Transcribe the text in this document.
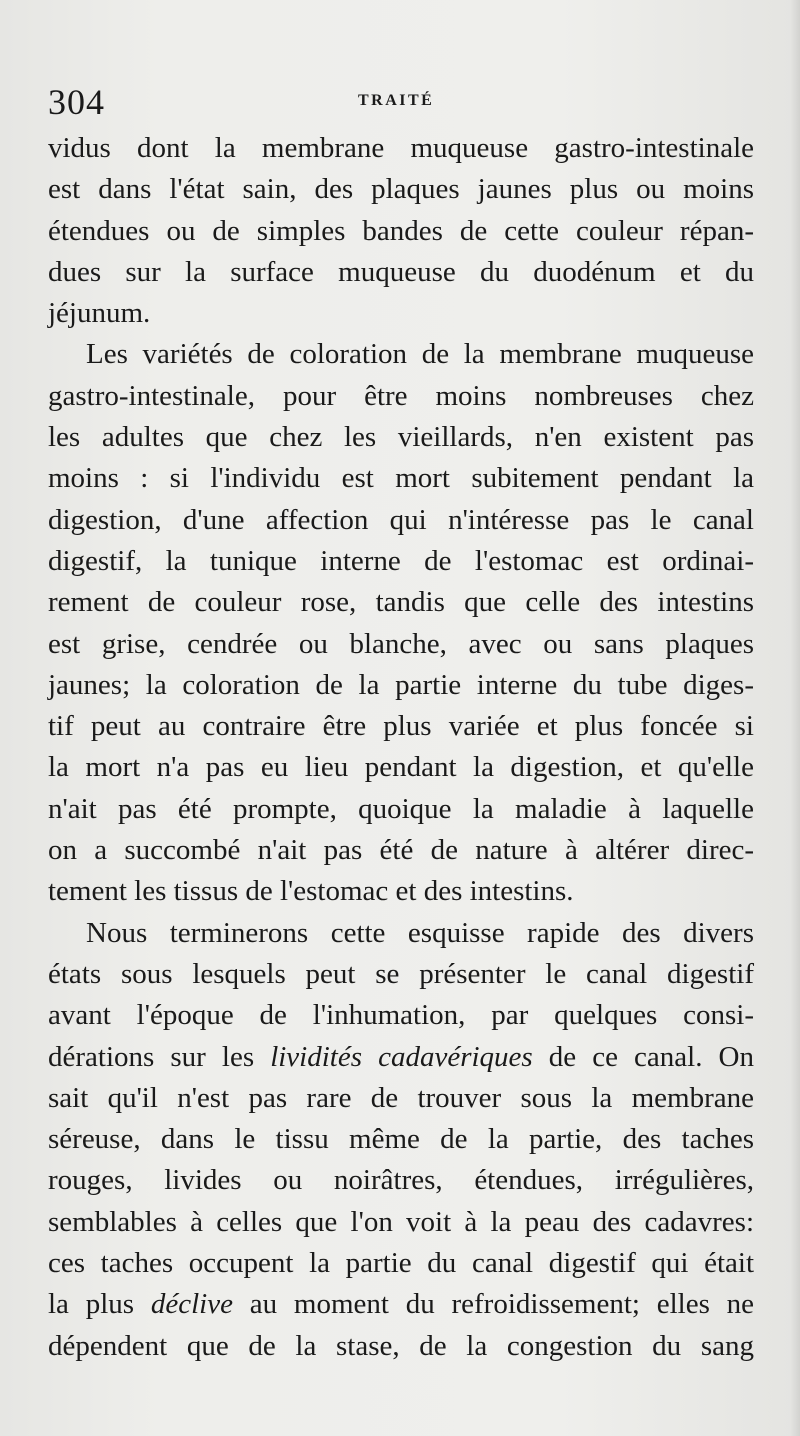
304	TRAITÉ
vidus dont la membrane muqueuse gastro-intestinale
est dans l'état sain, des plaques jaunes plus ou moins
étendues ou de simples bandes de cette couleur répan-
dues sur la surface muqueuse du duodénum et du
jéjunum.
Les variétés de coloration de la membrane muqueuse
gastro-intestinale, pour être moins nombreuses chez
les adultes que chez les vieillards, n'en existent pas
moins : si l'individu est mort subitement pendant la
digestion, d'une affection qui n'intéresse pas le canal
digestif, la tunique interne de l'estomac est ordinai-
rement de couleur rose, tandis que celle des intestins
est grise, cendrée ou blanche, avec ou sans plaques
jaunes; la coloration de la partie interne du tube diges-
tif peut au contraire être plus variée et plus foncée si
la mort n'a pas eu lieu pendant la digestion, et qu'elle
n'ait pas été prompte, quoique la maladie à laquelle
on a succombé n'ait pas été de nature à altérer direc-
tement les tissus de l'estomac et des intestins.
Nous terminerons cette esquisse rapide des divers
états sous lesquels peut se présenter le canal digestif
avant l'époque de l'inhumation, par quelques consi-
dérations sur les lividités cadavériques de ce canal. On
sait qu'il n'est pas rare de trouver sous la membrane
séreuse, dans le tissu même de la partie, des taches
rouges, livides ou noirâtres, étendues, irrégulières,
semblables à celles que l'on voit à la peau des cadavres:
ces taches occupent la partie du canal digestif qui était
la plus déclive au moment du refroidissement; elles ne
dépendent que de la stase, de la congestion du sang
